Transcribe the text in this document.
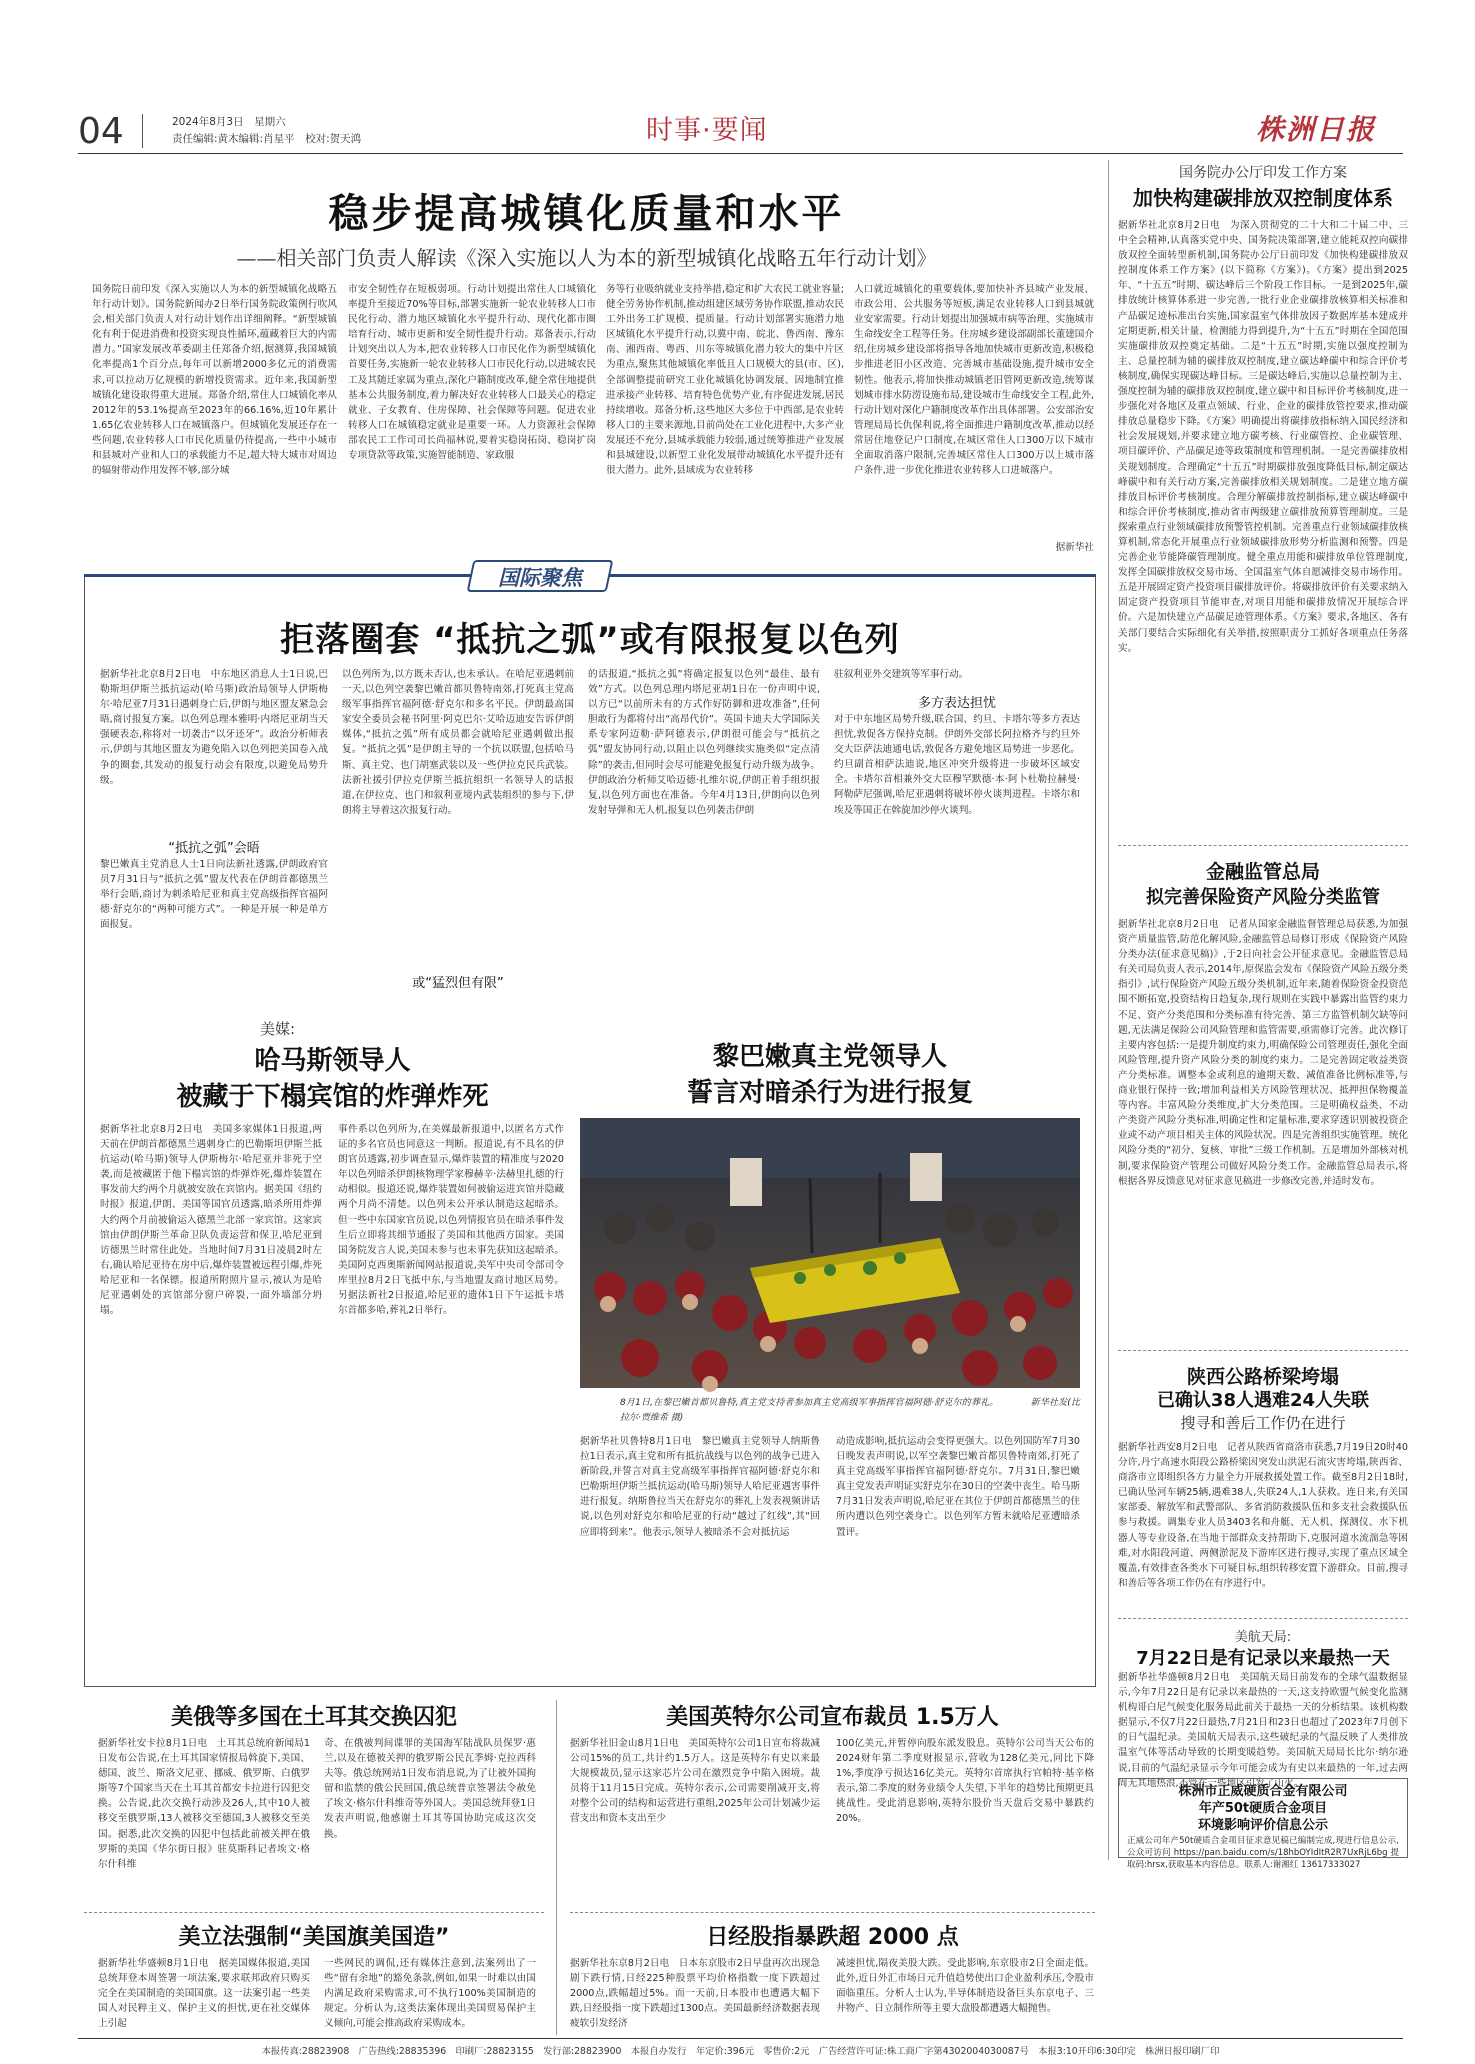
04	2024年8月3日　星期六
责任编辑:黄木编辑:肖星平　校对:贺天鸿	时事·要闻	株洲日报
稳步提高城镇化质量和水平
——相关部门负责人解读《深入实施以人为本的新型城镇化战略五年行动计划》
国务院日前印发《深入实施以人为本的新型城镇化战略五年行动计划》。国务院新闻办2日举行国务院政策例行吹风会,相关部门负责人对行动计划作出详细阐释。“新型城镇化有利于促进消费和投资实现良性循环,蕴藏着巨大的内需潜力。”国家发展改革委副主任郑备介绍,据测算,我国城镇化率提高1个百分点,每年可以新增2000多亿元的消费需求,可以拉动万亿规模的新增投资需求。近年来,我国新型城镇化建设取得重大进展。郑备介绍,常住人口城镇化率从2012年的53.1%提高至2023年的66.16%,近10年累计1.65亿农业转移人口在城镇落户。但城镇化发展还存在一些问题,农业转移人口市民化质量仍待提高,一些中小城市和县城对产业和人口的承载能力不足,超大特大城市对周边的辐射带动作用发挥不够,部分城
市安全韧性存在短板弱项。行动计划提出常住人口城镇化率提升至接近70%等目标,部署实施新一轮农业转移人口市民化行动、潜力地区城镇化水平提升行动、现代化都市圈培育行动、城市更新和安全韧性提升行动。郑备表示,行动计划突出以人为本,把农业转移人口市民化作为新型城镇化首要任务,实施新一轮农业转移人口市民化行动,以进城农民工及其随迁家属为重点,深化户籍制度改革,健全常住地提供基本公共服务制度,着力解决好农业转移人口最关心的稳定就业、子女教育、住房保障、社会保障等问题。促进农业转移人口在城镇稳定就业是重要一环。人力资源社会保障部农民工工作司司长尚福林说,要着实稳岗拓岗、稳岗扩岗专项贷款等政策,实施智能制造、家政服
务等行业吸纳就业支持举措,稳定和扩大农民工就业容量;健全劳务协作机制,推动组建区域劳务协作联盟,推动农民工外出务工扩规模、提质量。行动计划部署实施潜力地区城镇化水平提升行动,以冀中南、皖北、鲁西南、豫东南、湘西南、粤西、川东等城镇化潜力较大的集中片区为重点,聚焦其他城镇化率低且人口规模大的县(市、区),全部调整提前研究工业化城镇化协调发展、因地制宜推进承接产业转移、培育特色优势产业,有序促进发展,居民持续增收。郑备分析,这些地区大多位于中西部,是农业转移人口的主要来源地,目前尚处在工业化进程中,大多产业发展还不充分,县城承载能力较弱,通过统筹推进产业发展和县城建设,以新型工业化发展带动城镇化水平提升还有很大潜力。此外,县域成为农业转移
人口就近城镇化的重要载体,要加快补齐县城产业发展、市政公用、公共服务等短板,满足农业转移人口到县城就业安家需要。行动计划提出加强城市病等治理、实施城市生命线安全工程等任务。住房城乡建设部副部长董建国介绍,住房城乡建设部将指导各地加快城市更新改造,积极稳步推进老旧小区改造、完善城市基础设施,提升城市安全韧性。他表示,将加快推动城镇老旧管网更新改造,统筹谋划城市排水防涝设施布局,建设城市生命线安全工程,此外,行动计划对深化户籍制度改革作出具体部署。公安部治安管理局局长仇保利说,将全面推进户籍制度改革,推动以经常居住地登记户口制度,在城区常住人口300万以下城市全面取消落户限制,完善城区常住人口300万以上城市落户条件,进一步优化推进农业转移人口进城落户。
据新华社
国务院办公厅印发工作方案
加快构建碳排放双控制度体系
据新华社北京8月2日电　为深入贯彻党的二十大和二十届二中、三中全会精神,认真落实党中央、国务院决策部署,建立能耗双控向碳排放双控全面转型新机制,国务院办公厅日前印发《加快构建碳排放双控制度体系工作方案》(以下简称《方案》)。《方案》提出到2025年、“十五五”时期、碳达峰后三个阶段工作目标。一是到2025年,碳排放统计核算体系进一步完善,一批行业企业碳排放核算相关标准和产品碳足迹标准出台实施,国家温室气体排放因子数据库基本建成并定期更新,相关计量、检测能力得到提升,为“十五五”时期在全国范围实施碳排放双控奠定基础。二是“十五五”时期,实施以强度控制为主、总量控制为辅的碳排放双控制度,建立碳达峰碳中和综合评价考核制度,确保实现碳达峰目标。三是碳达峰后,实施以总量控制为主、强度控制为辅的碳排放双控制度,建立碳中和目标评价考核制度,进一步强化对各地区及重点领域、行业、企业的碳排放管控要求,推动碳排放总量稳步下降。《方案》明确提出将碳排放指标纳入国民经济和社会发展规划,并要求建立地方碳考核、行业碳管控、企业碳管理、项目碳评价、产品碳足迹等政策制度和管理机制。一是完善碳排放相关规划制度。合理确定“十五五”时期碳排放强度降低目标,制定碳达峰碳中和有关行动方案,完善碳排放相关规划制度。二是建立地方碳排放目标评价考核制度。合理分解碳排放控制指标,建立碳达峰碳中和综合评价考核制度,推动省市两级建立碳排放预算管理制度。三是探索重点行业领域碳排放预警管控机制。完善重点行业领域碳排放核算机制,常态化开展重点行业领域碳排放形势分析监测和预警。四是完善企业节能降碳管理制度。健全重点用能和碳排放单位管理制度,发挥全国碳排放权交易市场、全国温室气体自愿减排交易市场作用。五是开展固定资产投资项目碳排放评价。将碳排放评价有关要求纳入固定资产投资项目节能审查,对项目用能和碳排放情况开展综合评价。六是加快建立产品碳足迹管理体系。《方案》要求,各地区、各有关部门要结合实际细化有关举措,按照职责分工抓好各项重点任务落实。
金融监管总局
拟完善保险资产风险分类监管
据新华社北京8月2日电　记者从国家金融监督管理总局获悉,为加强资产质量监管,防范化解风险,金融监管总局修订形成《保险资产风险分类办法(征求意见稿)》,于2日向社会公开征求意见。金融监管总局有关司局负责人表示,2014年,原保监会发布《保险资产风险五级分类指引》,试行保险资产风险五级分类机制,近年来,随着保险资金投资范围不断拓宽,投资结构日趋复杂,现行规则在实践中暴露出监管约束力不足、资产分类范围和分类标准有待完善、第三方监管机制欠缺等问题,无法满足保险公司风险管理和监管需要,亟需修订完善。此次修订主要内容包括:一是提升制度约束力,明确保险公司管理责任,强化全面风险管理,提升资产风险分类的制度约束力。二是完善固定收益类资产分类标准。调整本金或利息的逾期天数、减值准备比例标准等,与商业银行保持一致;增加利益相关方风险管理状况、抵押担保物覆盖等内容。丰富风险分类维度,扩大分类范围。三是明确权益类、不动产类资产风险分类标准,明确定性和定量标准,要求穿透识别被投资企业或不动产项目相关主体的风险状况。四是完善组织实施管理。统化风险分类的“初分、复核、审批”三级工作机制。五是增加外部核对机制,要求保险资产管理公司做好风险分类工作。金融监管总局表示,将根据各界反馈意见对征求意见稿进一步修改完善,并适时发布。
陕西公路桥梁垮塌
已确认38人遇难24人失联
搜寻和善后工作仍在进行
据新华社西安8月2日电　记者从陕西省商洛市获悉,7月19日20时40分许,丹宁高速水阳段公路桥梁因突发山洪泥石流灾害垮塌,陕西省、商洛市立即组织各方力量全力开展救援处置工作。截至8月2日18时,已确认坠河车辆25辆,遇难38人,失联24人,1人获救。连日来,有关国家部委、解放军和武警部队、多省消防救援队伍和多支社会救援队伍参与救援。调集专业人员3403名和舟艇、无人机、探测仪、水下机器人等专业设备,在当地干部群众支持帮助下,克服河道水流湍急等困难,对水阳段河道、两侧淤泥及下游库区进行搜寻,实现了重点区域全覆盖,有效排查各类水下可疑目标,组织转移安置下游群众。目前,搜寻和善后等各项工作仍在有序进行中。
美航天局:
7月22日是有记录以来最热一天
据新华社华盛顿8月2日电　美国航天局日前发布的全球气温数据显示,今年7月22日是有记录以来最热的一天,这支持欧盟气候变化监测机构哥白尼气候变化服务局此前关于最热一天的分析结果。该机构数据显示,不仅7月22日最热,7月21日和23日也超过了2023年7月创下的日气温纪录。美国航天局表示,这些破纪录的气温反映了人类排放温室气体等活动导致的长期变暖趋势。美国航天局局长比尔·纳尔逊说,目前的气温纪录显示今年可能会成为有史以来最热的一年,过去两周无其地热浪,不管在一些地区引发了山火。
株洲市正威硬质合金有限公司
年产50t硬质合金项目
环境影响评价信息公示
正威公司年产50t硬质合金项目征求意见稿已编制完成,现进行信息公示,公众可访问 https://pan.baidu.com/s/18hbOYIdItR2R7UxRjL6bg 提取码:hrsx,获取基本内容信息。联系人:谢湘红 13617333027
国际聚焦
拒落圈套 “抵抗之弧”或有限报复以色列
据新华社北京8月2日电　中东地区消息人士1日说,巴勒斯坦伊斯兰抵抗运动(哈马斯)政治局领导人伊斯梅尔·哈尼亚7月31日遇刺身亡后,伊朗与地区盟友紧急会晤,商讨报复方案。以色列总理本雅明·内塔尼亚胡当天强硬表态,称将对一切袭击“以牙还牙”。政治分析师表示,伊朗与其地区盟友为避免陷入以色列把美国卷入战争的圈套,其发动的报复行动会有限度,以避免局势升级。
“抵抗之弧”会晤
黎巴嫩真主党消息人士1日向法新社透露,伊朗政府官员7月31日与“抵抗之弧”盟友代表在伊朗首都德黑兰举行会晤,商讨为刺杀哈尼亚和真主党高级指挥官福阿德·舒克尔的“两种可能方式”。一种是开展一种是单方面报复。
以色列所为,以方既未否认,也未承认。在哈尼亚遇刺前一天,以色列空袭黎巴嫩首都贝鲁特南郊,打死真主党高级军事指挥官福阿德·舒克尔和多名平民。伊朗最高国家安全委员会秘书阿里·阿克巴尔·艾哈迈迪安告诉伊朗媒体,“抵抗之弧”所有成员都会就哈尼亚遇刺做出报复。“抵抗之弧”是伊朗主导的一个抗以联盟,包括哈马斯、真主党、也门胡塞武装以及一些伊拉克民兵武装。法新社援引伊拉克伊斯兰抵抗组织一名领导人的话报道,在伊拉克、也门和叙利亚境内武装组织的参与下,伊朗将主导着这次报复行动。
或“猛烈但有限”
的话报道,“抵抗之弧”将确定报复以色列“最佳、最有效”方式。以色列总理内塔尼亚胡1日在一份声明中说,以方已“以前所未有的方式作好防御和进攻准备”,任何胆敢行为都将付出“高昂代价”。英国卡迪夫大学国际关系专家阿迈勒·萨阿德表示,伊朗很可能会与“抵抗之弧”盟友协同行动,以阻止以色列继续实施类似“定点清除”的袭击,但同时会尽可能避免报复行动升级为战争。伊朗政治分析师艾哈迈德·扎维尔说,伊朗正着手组织报复,以色列方面也在准备。今年4月13日,伊朗向以色列发射导弹和无人机,报复以色列袭击伊朗
驻叙利亚外交建筑等军事行动。
多方表达担忧
对于中东地区局势升级,联合国、约旦、卡塔尔等多方表达担忧,敦促各方保持克制。伊朗外交部长阿拉格齐与约旦外交大臣萨法迪通电话,敦促各方避免地区局势进一步恶化。约旦副首相萨法迪说,地区冲突升级将进一步破坏区域安全。卡塔尔首相兼外交大臣穆罕默德·本·阿卜杜勒拉赫曼·阿勒萨尼强调,哈尼亚遇刺将破坏停火谈判进程。卡塔尔和埃及等国正在斡旋加沙停火谈判。
美媒:
哈马斯领导人
被藏于下榻宾馆的炸弹炸死
据新华社北京8月2日电　美国多家媒体1日报道,两天前在伊朗首都德黑兰遇刺身亡的巴勒斯坦伊斯兰抵抗运动(哈马斯)领导人伊斯梅尔·哈尼亚并非死于空袭,而是被藏匿于他下榻宾馆的炸弹炸死,爆炸装置在事发前大约两个月就被安放在宾馆内。据美国《纽约时报》报道,伊朗、美国等国官员透露,暗杀所用炸弹大约两个月前被偷运入德黑兰北部一家宾馆。这家宾馆由伊朗伊斯兰革命卫队负责运营和保卫,哈尼亚到访德黑兰时常住此处。当地时间7月31日凌晨2时左右,确认哈尼亚待在房中后,爆炸装置被远程引爆,炸死哈尼亚和一名保镖。报道所附照片显示,被认为是哈尼亚遇刺处的宾馆部分窗户碎裂,一面外墙部分坍塌。
事件系以色列所为,在美媒最新报道中,以匿名方式作证的多名官员也同意这一判断。报道说,有不具名的伊朗官员透露,初步调查显示,爆炸装置的精准度与2020年以色列暗杀伊朗核物理学家穆赫辛·法赫里扎德的行动相似。报道还说,爆炸装置如何被偷运进宾馆并隐藏两个月尚不清楚。以色列未公开承认制造这起暗杀。但一些中东国家官员说,以色列情报官员在暗杀事件发生后立即将其细节通报了美国和其他西方国家。美国国务院发言人说,美国未参与也未事先获知这起暗杀。美国阿克西奥斯新闻网站报道说,美军中央司令部司令库里拉8月2日飞抵中东,与当地盟友商讨地区局势。另据法新社2日报道,哈尼亚的遗体1日下午运抵卡塔尔首都多哈,葬礼2日举行。
黎巴嫩真主党领导人
誓言对暗杀行为进行报复
8月1日,在黎巴嫩首都贝鲁特,真主党支持者参加真主党高级军事指挥官福阿德·舒克尔的葬礼。　　　　新华社发(比拉尔·贾维希 摄)
据新华社贝鲁特8月1日电　黎巴嫩真主党领导人纳斯鲁拉1日表示,真主党和所有抵抗战线与以色列的战争已进入新阶段,并誓言对真主党高级军事指挥官福阿德·舒克尔和巴勒斯坦伊斯兰抵抗运动(哈马斯)领导人哈尼亚遇害事件进行报复。纳斯鲁拉当天在舒克尔的葬礼上发表视频讲话说,以色列对舒克尔和哈尼亚的行动“越过了红线”,其“回应即将到来”。他表示,领导人被暗杀不会对抵抗运
动造成影响,抵抗运动会变得更强大。以色列国防军7月30日晚发表声明说,以军空袭黎巴嫩首都贝鲁特南郊,打死了真主党高级军事指挥官福阿德·舒克尔。7月31日,黎巴嫩真主党发表声明证实舒克尔在30日的空袭中丧生。哈马斯7月31日发表声明说,哈尼亚在其位于伊朗首都德黑兰的住所内遭以色列空袭身亡。以色列军方暂未就哈尼亚遭暗杀置评。
美俄等多国在土耳其交换囚犯
据新华社安卡拉8月1日电　土耳其总统府新闻局1日发布公告说,在土耳其国家情报局斡旋下,美国、德国、波兰、斯洛文尼亚、挪威、俄罗斯、白俄罗斯等7个国家当天在土耳其首都安卡拉进行囚犯交换。公告说,此次交换行动涉及26人,其中10人被移交至俄罗斯,13人被移交至德国,3人被移交至美国。据悉,此次交换的囚犯中包括此前被关押在俄罗斯的美国《华尔街日报》驻莫斯科记者埃文·格尔什科维
奇、在俄被判间谍罪的美国海军陆战队员保罗·惠兰,以及在德被关押的俄罗斯公民瓦季姆·克拉西科夫等。俄总统网站1日发布消息说,为了让被外国拘留和监禁的俄公民回国,俄总统普京签署法令赦免了埃文·格尔什科维奇等外国人。美国总统拜登1日发表声明说,他感谢土耳其等国协助完成这次交换。
美立法强制“美国旗美国造”
据新华社华盛顿8月1日电　据美国媒体报道,美国总统拜登本周签署一项法案,要求联邦政府只购买完全在美国制造的美国国旗。这一法案引起一些美国人对民粹主义、保护主义的担忧,更在社交媒体上引起
一些网民的调侃,还有媒体注意到,法案列出了一些“留有余地”的豁免条款,例如,如果一时难以由国内满足政府采购需求,可不执行100%美国制造的规定。分析认为,这类法案体现出美国贸易保护主义倾向,可能会推高政府采购成本。
美国英特尔公司宣布裁员 1.5万人
据新华社旧金山8月1日电　美国英特尔公司1日宣布将裁减公司15%的员工,共计约1.5万人。这是英特尔有史以来最大规模裁员,显示这家芯片公司在激烈竞争中陷入困境。裁员将于11月15日完成。英特尔表示,公司需要削减开支,将对整个公司的结构和运营进行重组,2025年公司计划减少运营支出和资本支出至少
100亿美元,并暂停向股东派发股息。英特尔公司当天公布的2024财年第二季度财报显示,营收为128亿美元,同比下降1%,季度净亏损达16亿美元。英特尔首席执行官帕特·基辛格表示,第二季度的财务业绩令人失望,下半年的趋势比预期更具挑战性。受此消息影响,英特尔股价当天盘后交易中暴跌约20%。
日经股指暴跌超 2000 点
据新华社东京8月2日电　日本东京股市2日早盘再次出现急剧下跌行情,日经225种股票平均价格指数一度下跌超过2000点,跌幅超过5%。而一天前,日本股市也遭遇大幅下跌,日经股指一度下跌超过1300点。美国最新经济数据表现疲软引发经济
减速担忧,隔夜美股大跌。受此影响,东京股市2日全面走低。此外,近日外汇市场日元升值趋势使出口企业盈利承压,令股市面临重压。分析人士认为,半导体制造设备巨头东京电子、三井物产、日立制作所等主要大盘股都遭遇大幅抛售。
本报传真:28823908　广告热线:28835396　印刷厂:28823155　发行部:28823900　本报自办发行　年定价:396元　零售价:2元　广告经营许可证:株工商广字第4302004030087号　本报3:10开印6:30印完　株洲日报印刷厂印
